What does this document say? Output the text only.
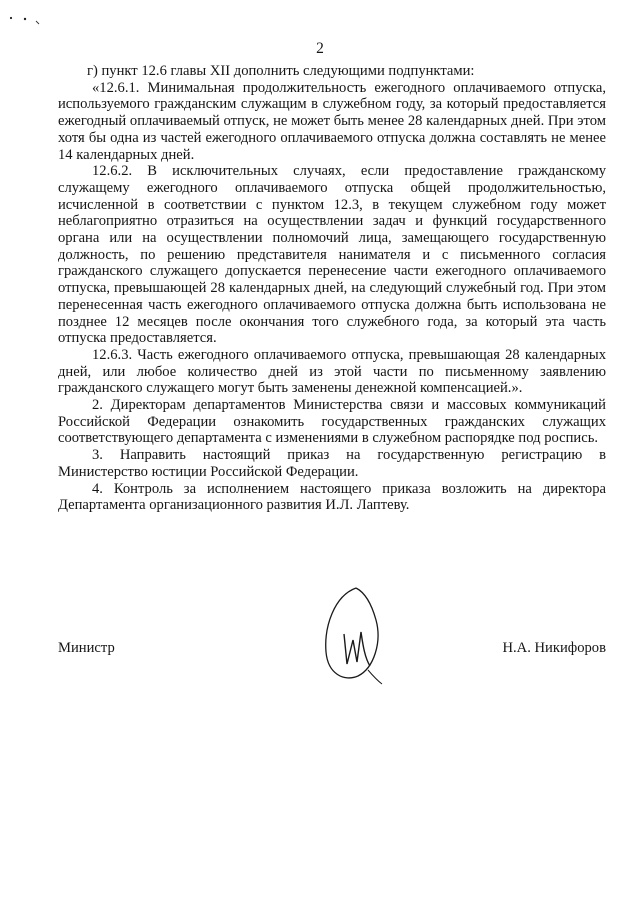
2

г) пункт 12.6 главы XII дополнить следующими подпунктами:

«12.6.1. Минимальная продолжительность ежегодного оплачиваемого отпуска, используемого гражданским служащим в служебном году, за который предоставляется ежегодный оплачиваемый отпуск, не может быть менее 28 календарных дней. При этом хотя бы одна из частей ежегодного оплачиваемого отпуска должна составлять не менее 14 календарных дней.

12.6.2. В исключительных случаях, если предоставление гражданскому служащему ежегодного оплачиваемого отпуска общей продолжительностью, исчисленной в соответствии с пунктом 12.3, в текущем служебном году может неблагоприятно отразиться на осуществлении задач и функций государственного органа или на осуществлении полномочий лица, замещающего государственную должность, по решению представителя нанимателя и с письменного согласия гражданского служащего допускается перенесение части ежегодного оплачиваемого отпуска, превышающей 28 календарных дней, на следующий служебный год. При этом перенесенная часть ежегодного оплачиваемого отпуска должна быть использована не позднее 12 месяцев после окончания того служебного года, за который эта часть отпуска предоставляется.

12.6.3. Часть ежегодного оплачиваемого отпуска, превышающая 28 календарных дней, или любое количество дней из этой части по письменному заявлению гражданского служащего могут быть заменены денежной компенсацией.».

2. Директорам департаментов Министерства связи и массовых коммуникаций Российской Федерации ознакомить государственных гражданских служащих соответствующего департамента с изменениями в служебном распорядке под роспись.

3. Направить настоящий приказ на государственную регистрацию в Министерство юстиции Российской Федерации.

4. Контроль за исполнением настоящего приказа возложить на директора Департамента организационного развития И.Л. Лаптеву.

Министр	Н.А. Никифоров
